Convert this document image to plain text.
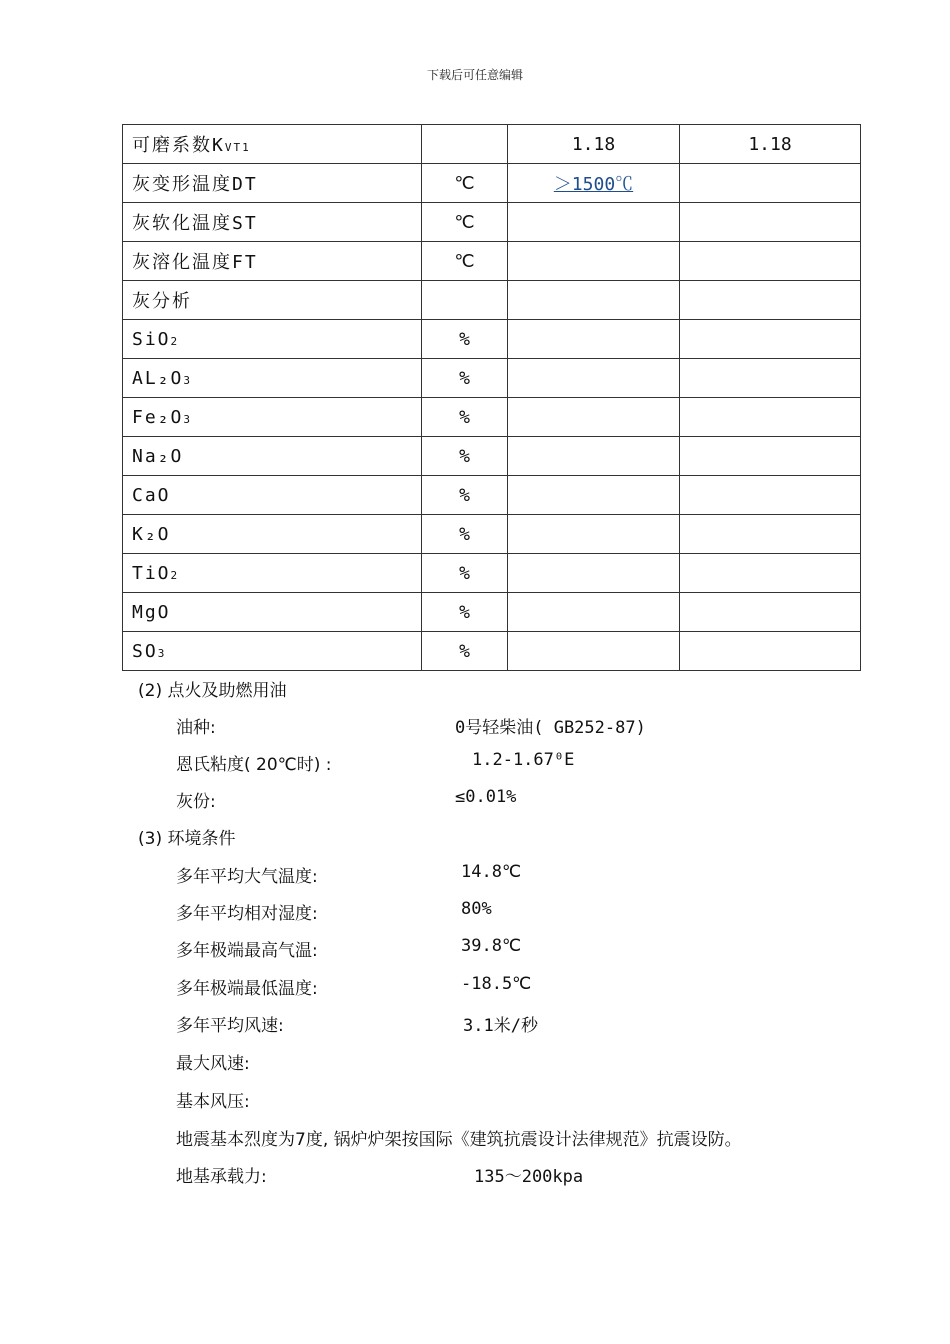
下载后可任意编辑
可磨系数KVT1		1.18	1.18
灰变形温度DT	℃	＞1500℃	
灰软化温度ST	℃		
灰溶化温度FT	℃		
灰分析			
SiO2	%		
AL₂O3	%		
Fe₂O3	%		
Na₂O	%		
CaO	%		
K₂O	%		
TiO2	%		
MgO	%		
SO3	%		
(2) 点火及助燃用油
油种:	0号轻柴油( GB252-87)
恩氏粘度( 20℃时) :	1.2-1.67⁰E
灰份:	≤0.01%
(3) 环境条件
多年平均大气温度:	14.8℃
多年平均相对湿度:	80%
多年极端最高气温:	39.8℃
多年极端最低温度:	-18.5℃
多年平均风速:	3.1米/秒
最大风速:
基本风压:
地震基本烈度为7度, 锅炉炉架按国际《建筑抗震设计法律规范》抗震设防。
地基承载力:	135～200kpa
